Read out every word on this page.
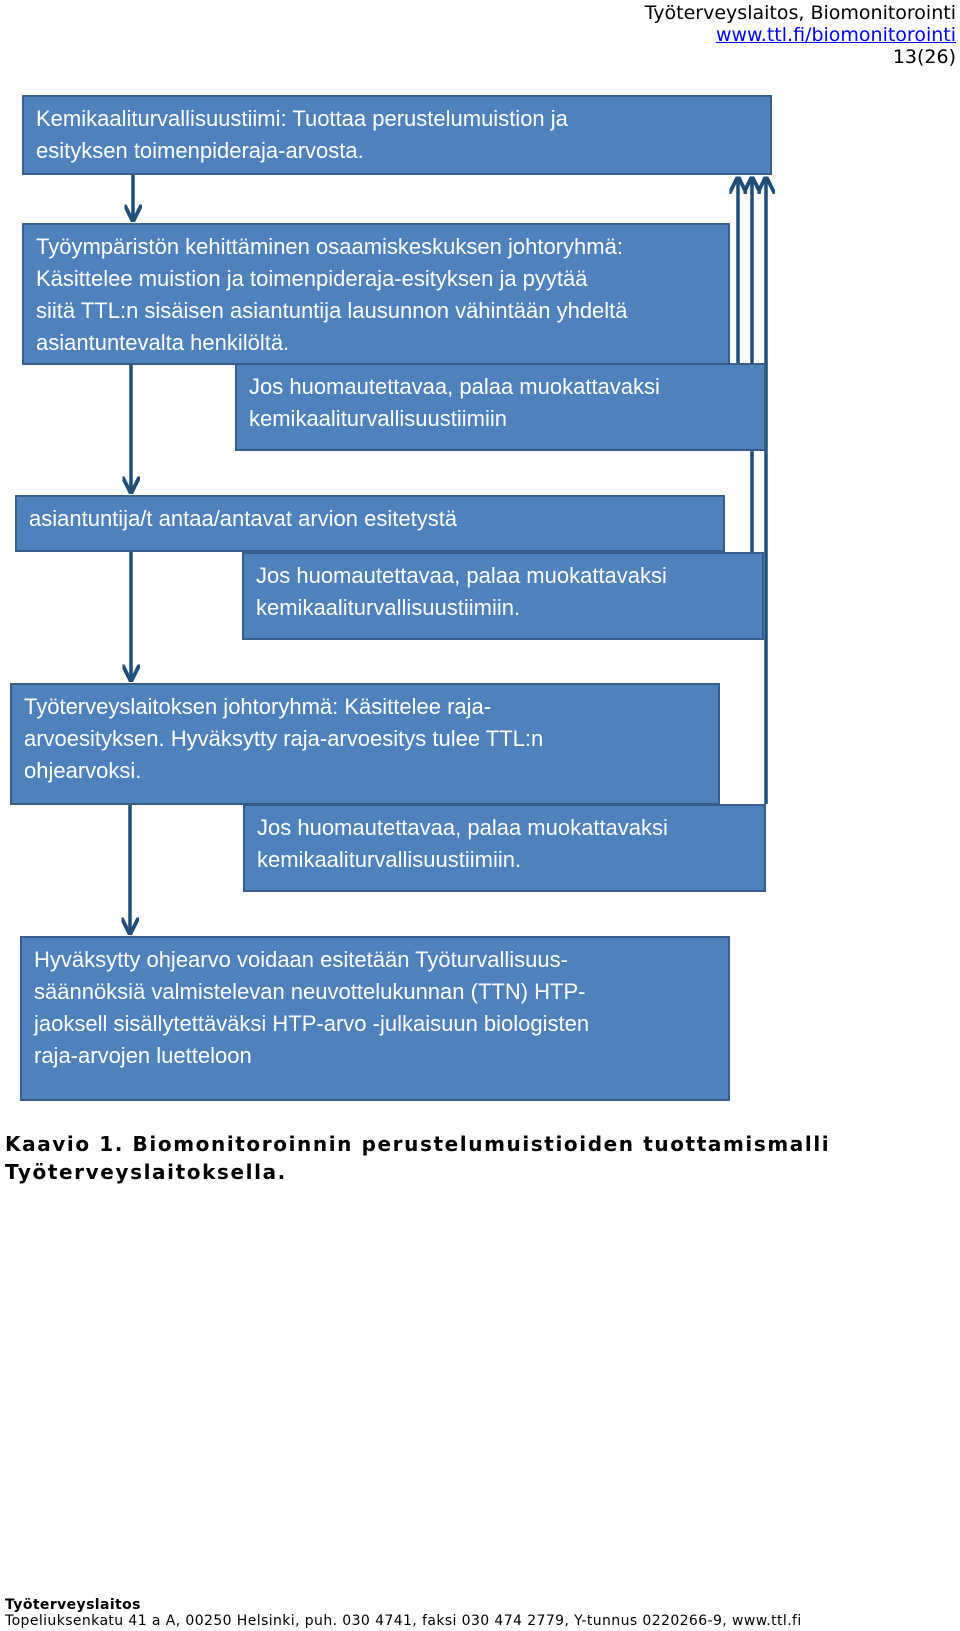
Työterveyslaitos, Biomonitorointi
www.ttl.fi/biomonitorointi
13(26)
Kemikaaliturvallisuustiimi: Tuottaa perustelumuistion ja
esityksen toimenpideraja-arvosta.
Työympäristön kehittäminen osaamiskeskuksen johtoryhmä:
Käsittelee muistion ja toimenpideraja-esityksen ja pyytää
siitä TTL:n sisäisen asiantuntija lausunnon vähintään yhdeltä
asiantuntevalta henkilöltä.
Jos huomautettavaa, palaa muokattavaksi
kemikaaliturvallisuustiimiin
asiantuntija/t antaa/antavat arvion esitetystä
Jos huomautettavaa, palaa muokattavaksi
kemikaaliturvallisuustiimiin.
Työterveyslaitoksen johtoryhmä: Käsittelee raja-
arvoesityksen. Hyväksytty raja-arvoesitys tulee TTL:n
ohjearvoksi.
Jos huomautettavaa, palaa muokattavaksi
kemikaaliturvallisuustiimiin.
Hyväksytty ohjearvo voidaan esitetään Työturvallisuus-
säännöksiä valmistelevan neuvottelukunnan (TTN) HTP-
jaoksell sisällytettäväksi HTP-arvo -julkaisuun biologisten
raja-arvojen luetteloon
Kaavio 1. Biomonitoroinnin perustelumuistioiden tuottamismalli
Työterveyslaitoksella.
Työterveyslaitos
Topeliuksenkatu 41 a A, 00250 Helsinki, puh. 030 4741, faksi 030 474 2779, Y-tunnus 0220266-9, www.ttl.fi
